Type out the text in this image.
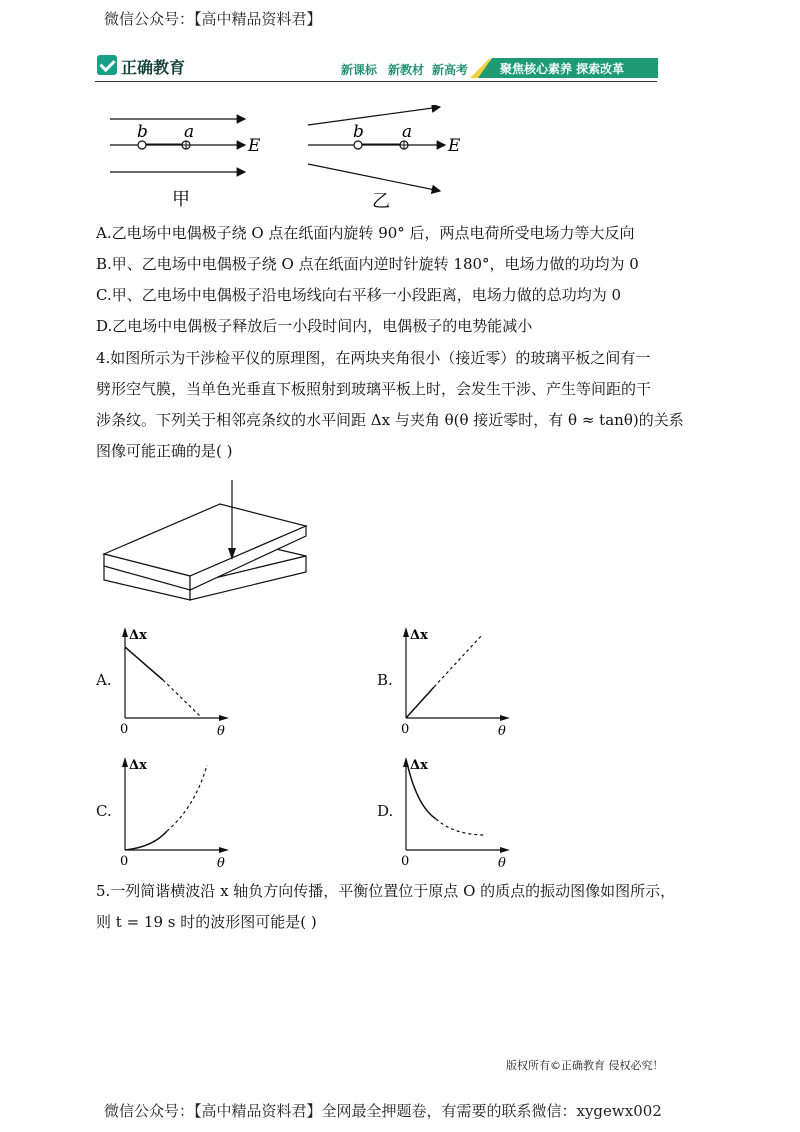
微信公众号：【高中精品资料君】
正确教育	新课标 新教材 新高考	聚焦核心素养 探索改革
b a
E
甲
b a
E
乙
A.乙电场中电偶极子绕 O 点在纸面内旋转 90° 后，两点电荷所受电场力等大反向
B.甲、乙电场中电偶极子绕 O 点在纸面内逆时针旋转 180°，电场力做的功均为 0
C.甲、乙电场中电偶极子沿电场线向右平移一小段距离，电场力做的总功均为 0
D.乙电场中电偶极子释放后一小段时间内，电偶极子的电势能减小
4.如图所示为干涉检平仪的原理图，在两块夹角很小（接近零）的玻璃平板之间有一
劈形空气膜，当单色光垂直下板照射到玻璃平板上时，会发生干涉、产生等间距的干
涉条纹。下列关于相邻亮条纹的水平间距 Δx 与夹角 θ(θ 接近零时，有 θ ≈ tanθ)的关系
图像可能正确的是( )
A.	B.
C.	D.
Δx
θ
0
Δx
θ
0
Δx
θ
0
Δx
θ
0
5.一列简谐横波沿 x 轴负方向传播，平衡位置位于原点 O 的质点的振动图像如图所示，
则 t = 19 s 时的波形图可能是( )
版权所有©正确教育 侵权必究！
微信公众号：【高中精品资料君】全网最全押题卷，有需要的联系微信：xygewx002
